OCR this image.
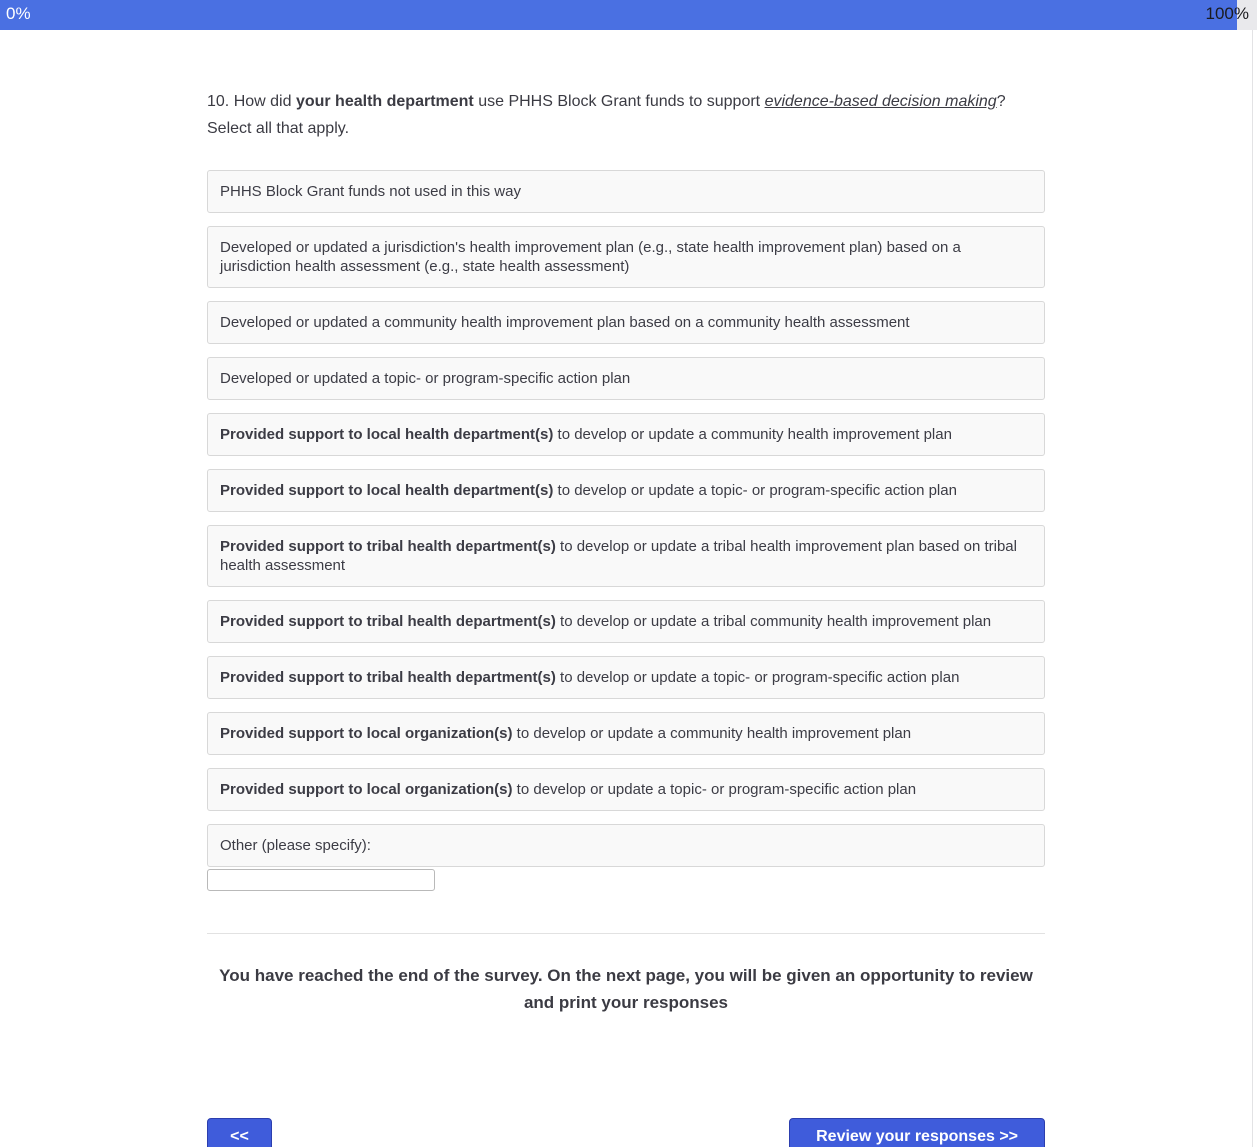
0%	100%
10. How did your health department use PHHS Block Grant funds to support evidence-based decision making? Select all that apply.
PHHS Block Grant funds not used in this way
Developed or updated a jurisdiction's health improvement plan (e.g., state health improvement plan) based on a jurisdiction health assessment (e.g., state health assessment)
Developed or updated a community health improvement plan based on a community health assessment
Developed or updated a topic- or program-specific action plan
Provided support to local health department(s) to develop or update a community health improvement plan
Provided support to local health department(s) to develop or update a topic- or program-specific action plan
Provided support to tribal health department(s) to develop or update a tribal health improvement plan based on tribal health assessment
Provided support to tribal health department(s) to develop or update a tribal community health improvement plan
Provided support to tribal health department(s) to develop or update a topic- or program-specific action plan
Provided support to local organization(s) to develop or update a community health improvement plan
Provided support to local organization(s) to develop or update a topic- or program-specific action plan
Other (please specify):
You have reached the end of the survey. On the next page, you will be given an opportunity to review and print your responses
<<	Review your responses >>
